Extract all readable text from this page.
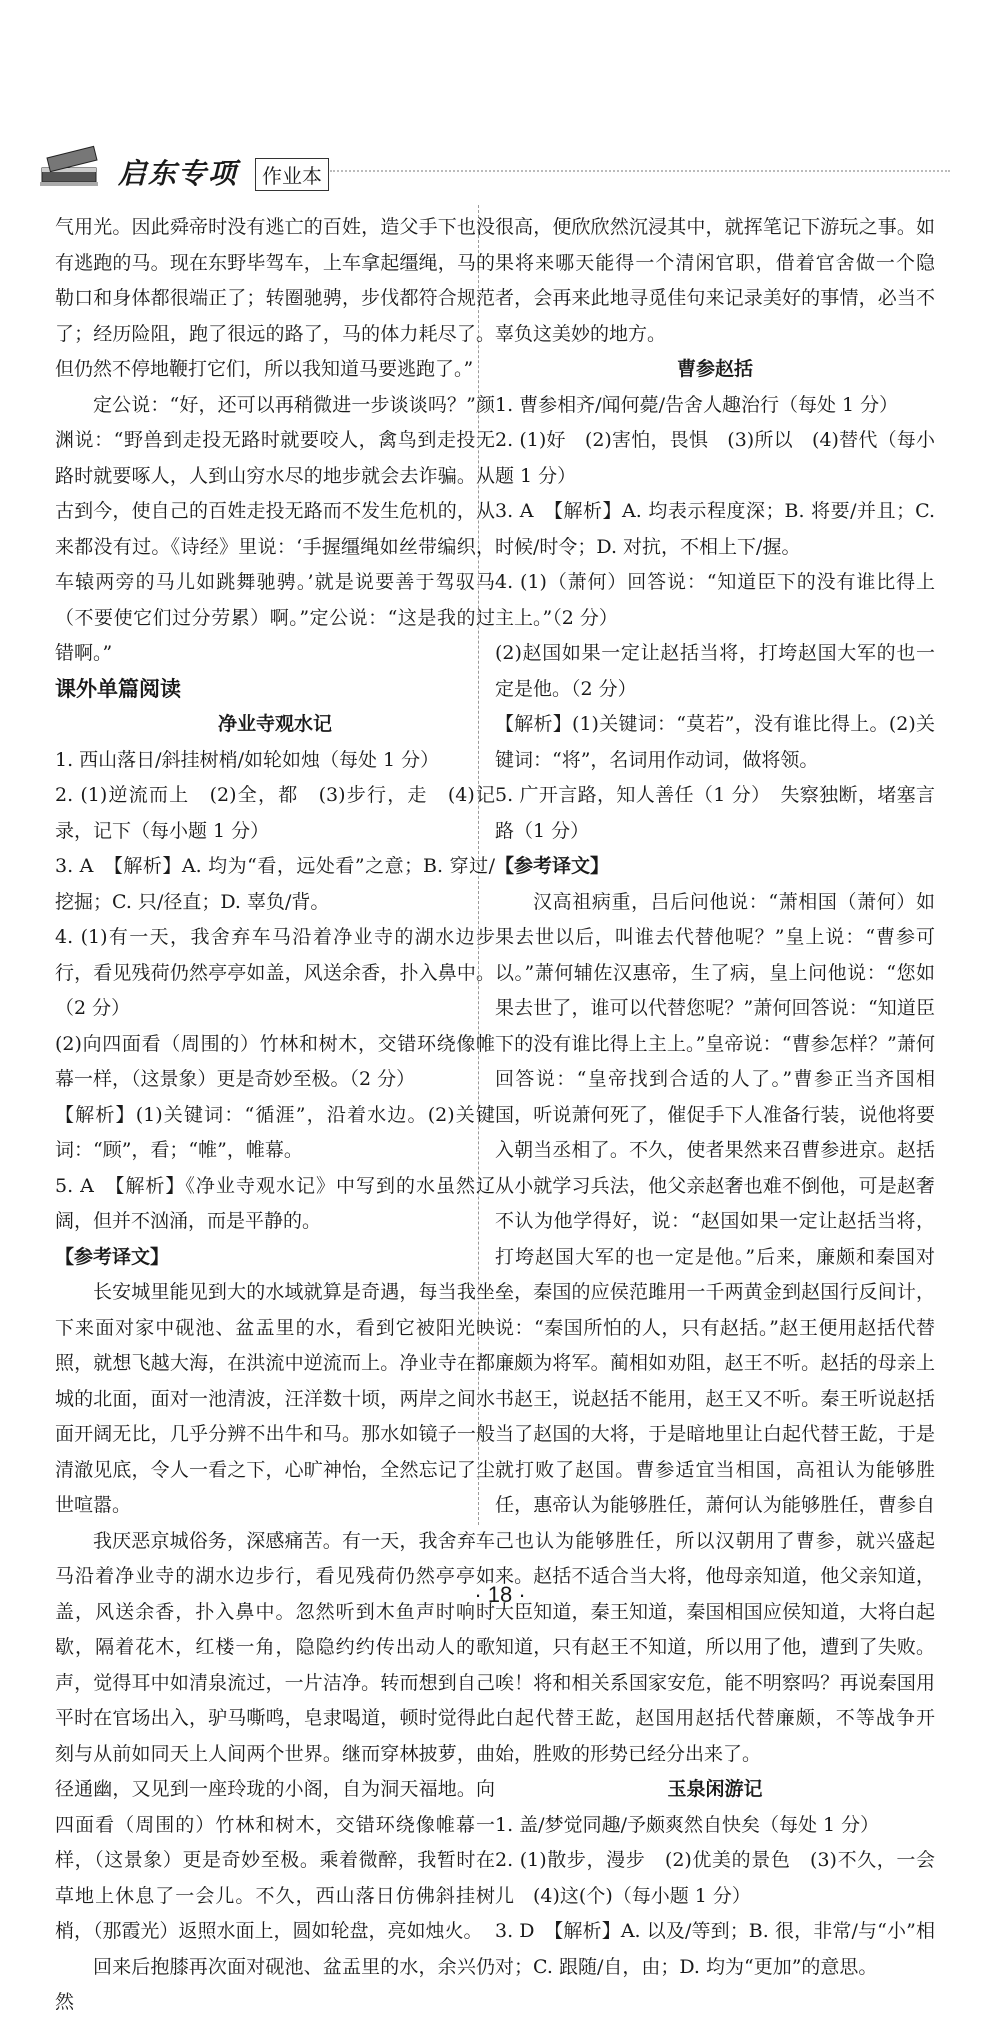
启东专项	作业本

气用光。因此舜帝时没有逃亡的百姓，造父手下也没有逃跑的马。现在东野毕驾车，上车拿起缰绳，马的勒口和身体都很端正了；转圈驰骋，步伐都符合规范了；经历险阻，跑了很远的路了，马的体力耗尽了。但仍然不停地鞭打它们，所以我知道马要逃跑了。”

定公说：“好，还可以再稍微进一步谈谈吗？”颜渊说：“野兽到走投无路时就要咬人，禽鸟到走投无路时就要啄人，人到山穷水尽的地步就会去诈骗。从古到今，使自己的百姓走投无路而不发生危机的，从来都没有过。《诗经》里说：‘手握缰绳如丝带编织，车辕两旁的马儿如跳舞驰骋。’就是说要善于驾驭马（不要使它们过分劳累）啊。”定公说：“这是我的过错啊。”

课外单篇阅读

净业寺观水记

1. 西山落日/斜挂树梢/如轮如烛（每处 1 分）

2. (1)逆流而上　(2)全，都　(3)步行，走　(4)记录，记下（每小题 1 分）

3. A　【解析】A. 均为“看，远处看”之意；B. 穿过/挖掘；C. 只/径直；D. 辜负/背。

4. (1)有一天，我舍弃车马沿着净业寺的湖水边步行，看见残荷仍然亭亭如盖，风送余香，扑入鼻中。（2 分）

(2)向四面看（周围的）竹林和树木，交错环绕像帷幕一样，（这景象）更是奇妙至极。（2 分）

【解析】(1)关键词：“循涯”，沿着水边。(2)关键词：“顾”，看；“帷”，帷幕。

5. A　【解析】《净业寺观水记》中写到的水虽然辽阔，但并不汹涌，而是平静的。

【参考译文】

长安城里能见到大的水域就算是奇遇，每当我坐下来面对家中砚池、盆盂里的水，看到它被阳光映照，就想飞越大海，在洪流中逆流而上。净业寺在都城的北面，面对一池清波，汪洋数十顷，两岸之间水面开阔无比，几乎分辨不出牛和马。那水如镜子一般清澈见底，令人一看之下，心旷神怡，全然忘记了尘世喧嚣。

我厌恶京城俗务，深感痛苦。有一天，我舍弃车马沿着净业寺的湖水边步行，看见残荷仍然亭亭如盖，风送余香，扑入鼻中。忽然听到木鱼声时响时歇，隔着花木，红楼一角，隐隐约约传出动人的歌声，觉得耳中如清泉流过，一片洁净。转而想到自己平时在官场出入，驴马嘶鸣，皂隶喝道，顿时觉得此刻与从前如同天上人间两个世界。继而穿林披萝，曲径通幽，又见到一座玲珑的小阁，自为洞天福地。向四面看（周围的）竹林和树木，交错环绕像帷幕一样，（这景象）更是奇妙至极。乘着微醉，我暂时在草地上休息了一会儿。不久，西山落日仿佛斜挂树梢，（那霞光）返照水面上，圆如轮盘，亮如烛火。

回来后抱膝再次面对砚池、盆盂里的水，余兴仍然

很高，便欣欣然沉浸其中，就挥笔记下游玩之事。如果将来哪天能得一个清闲官职，借着官舍做一个隐者，会再来此地寻觅佳句来记录美好的事情，必当不辜负这美妙的地方。

曹参赵括

1. 曹参相齐/闻何薨/告舍人趣治行（每处 1 分）

2. (1)好　(2)害怕，畏惧　(3)所以　(4)替代（每小题 1 分）

3. A　【解析】A. 均表示程度深；B. 将要/并且；C. 时候/时令；D. 对抗，不相上下/握。

4. (1)（萧何）回答说：“知道臣下的没有谁比得上主上。”（2 分）

(2)赵国如果一定让赵括当将，打垮赵国大军的也一定是他。（2 分）

【解析】(1)关键词：“莫若”，没有谁比得上。(2)关键词：“将”，名词用作动词，做将领。

5. 广开言路，知人善任（1 分）　失察独断，堵塞言路（1 分）

【参考译文】

汉高祖病重，吕后问他说：“萧相国（萧何）如果去世以后，叫谁去代替他呢？”皇上说：“曹参可以。”萧何辅佐汉惠帝，生了病，皇上问他说：“您如果去世了，谁可以代替您呢？”萧何回答说：“知道臣下的没有谁比得上主上。”皇帝说：“曹参怎样？”萧何回答说：“皇帝找到合适的人了。”曹参正当齐国相国，听说萧何死了，催促手下人准备行装，说他将要入朝当丞相了。不久，使者果然来召曹参进京。赵括从小就学习兵法，他父亲赵奢也难不倒他，可是赵奢不认为他学得好，说：“赵国如果一定让赵括当将，打垮赵国大军的也一定是他。”后来，廉颇和秦国对垒，秦国的应侯范雎用一千两黄金到赵国行反间计，说：“秦国所怕的人，只有赵括。”赵王便用赵括代替廉颇为将军。蔺相如劝阻，赵王不听。赵括的母亲上书赵王，说赵括不能用，赵王又不听。秦王听说赵括当了赵国的大将，于是暗地里让白起代替王龁，于是就打败了赵国。曹参适宜当相国，高祖认为能够胜任，惠帝认为能够胜任，萧何认为能够胜任，曹参自己也认为能够胜任，所以汉朝用了曹参，就兴盛起来。赵括不适合当大将，他母亲知道，他父亲知道，大臣知道，秦王知道，秦国相国应侯知道，大将白起知道，只有赵王不知道，所以用了他，遭到了失败。唉！将和相关系国家安危，能不明察吗？再说秦国用白起代替王龁，赵国用赵括代替廉颇，不等战争开始，胜败的形势已经分出来了。

玉泉闲游记

1. 盖/梦觉同趣/予颇爽然自快矣（每处 1 分）

2. (1)散步，漫步　(2)优美的景色　(3)不久，一会儿　(4)这(个)（每小题 1 分）

3. D　【解析】A. 以及/等到；B. 很，非常/与“小”相对；C. 跟随/自，由；D. 均为“更加”的意思。

· 18 ·
